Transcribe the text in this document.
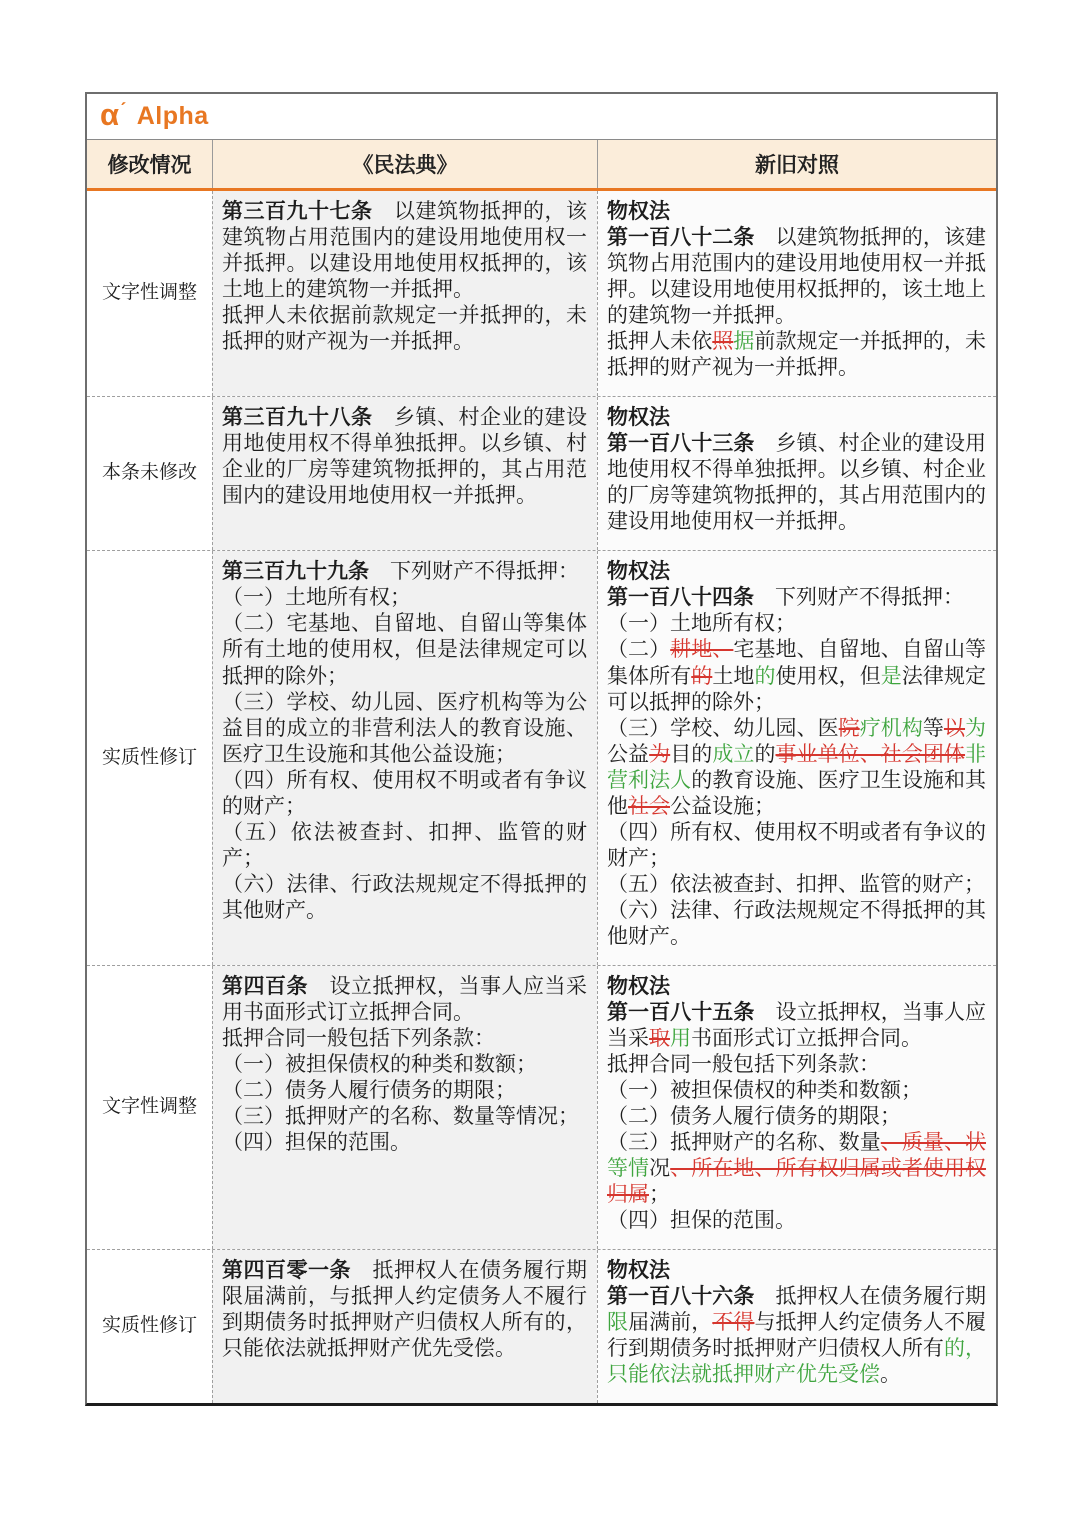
α ˊ Alpha
修改情况	《民法典》	新旧对照
文字性调整

第三百九十七条　以建筑物抵押的，该建筑物占用范围内的建设用地使用权一并抵押。以建设用地使用权抵押的，该土地上的建筑物一并抵押。

抵押人未依据前款规定一并抵押的，未抵押的财产视为一并抵押。

物权法

第一百八十二条　以建筑物抵押的，该建筑物占用范围内的建设用地使用权一并抵押。以建设用地使用权抵押的，该土地上的建筑物一并抵押。

抵押人未依照据前款规定一并抵押的，未抵押的财产视为一并抵押。

本条未修改

第三百九十八条　乡镇、村企业的建设用地使用权不得单独抵押。以乡镇、村企业的厂房等建筑物抵押的，其占用范围内的建设用地使用权一并抵押。

物权法

第一百八十三条　乡镇、村企业的建设用地使用权不得单独抵押。以乡镇、村企业的厂房等建筑物抵押的，其占用范围内的建设用地使用权一并抵押。

实质性修订

第三百九十九条　下列财产不得抵押：

（一）土地所有权；

（二）宅基地、自留地、自留山等集体所有土地的使用权，但是法律规定可以抵押的除外；

（三）学校、幼儿园、医疗机构等为公益目的成立的非营利法人的教育设施、医疗卫生设施和其他公益设施；

（四）所有权、使用权不明或者有争议的财产；

（五）依法被查封、扣押、监管的财产；

（六）法律、行政法规规定不得抵押的其他财产。

物权法

第一百八十四条　下列财产不得抵押：

（一）土地所有权；

（二）耕地、宅基地、自留地、自留山等集体所有的土地的使用权，但是法律规定可以抵押的除外；

（三）学校、幼儿园、医院疗机构等以为公益为目的成立的事业单位、社会团体非营利法人的教育设施、医疗卫生设施和其他社会公益设施；

（四）所有权、使用权不明或者有争议的财产；

（五）依法被查封、扣押、监管的财产；

（六）法律、行政法规规定不得抵押的其他财产。

文字性调整

第四百条　设立抵押权，当事人应当采用书面形式订立抵押合同。

抵押合同一般包括下列条款：

（一）被担保债权的种类和数额；

（二）债务人履行债务的期限；

（三）抵押财产的名称、数量等情况；

（四）担保的范围。

物权法

第一百八十五条　设立抵押权，当事人应当采取用书面形式订立抵押合同。

抵押合同一般包括下列条款：

（一）被担保债权的种类和数额；

（二）债务人履行债务的期限；

（三）抵押财产的名称、数量、质量、状等情况、所在地、所有权归属或者使用权归属；

（四）担保的范围。

实质性修订

第四百零一条　抵押权人在债务履行期限届满前，与抵押人约定债务人不履行到期债务时抵押财产归债权人所有的，只能依法就抵押财产优先受偿。

物权法

第一百八十六条　抵押权人在债务履行期限届满前，不得与抵押人约定债务人不履行到期债务时抵押财产归债权人所有的，只能依法就抵押财产优先受偿。
